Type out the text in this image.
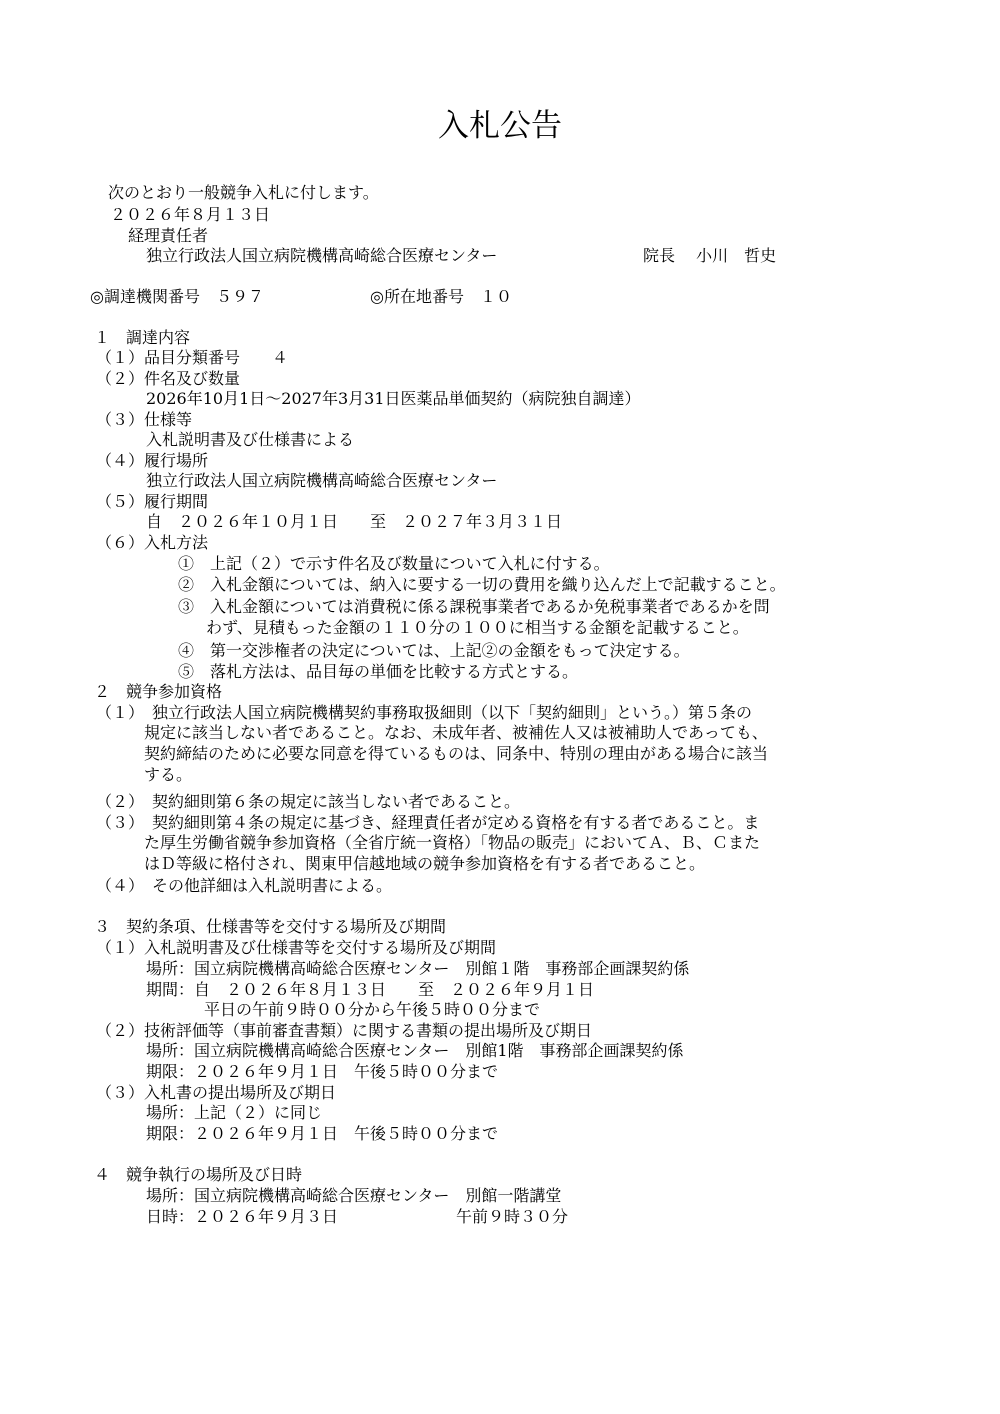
入札公告

次のとおり一般競争入札に付します。

２０２６年８月１３日

経理責任者

独立行政法人国立病院機構高崎総合医療センター	院長　 小川　哲史

◎調達機関番号　５９７	◎所在地番号　１０

１　調達内容

（１）品目分類番号　　４

（２）件名及び数量

2026年10月1日～2027年3月31日医薬品単価契約（病院独自調達）

（３）仕様等

入札説明書及び仕様書による

（４）履行場所

独立行政法人国立病院機構高崎総合医療センター

（５）履行期間

自　２０２６年１０月１日　　至　２０２７年３月３１日

（６）入札方法

①　上記（２）で示す件名及び数量について入札に付する。

②　入札金額については、納入に要する一切の費用を織り込んだ上で記載すること。

③　入札金額については消費税に係る課税事業者であるか免税事業者であるかを問

わず、見積もった金額の１１０分の１００に相当する金額を記載すること。

④　第一交渉権者の決定については、上記②の金額をもって決定する。

⑤　落札方法は、品目毎の単価を比較する方式とする。

２　競争参加資格

（１）　独立行政法人国立病院機構契約事務取扱細則（以下「契約細則」という。）第５条の

規定に該当しない者であること。なお、未成年者、被補佐人又は被補助人であっても、

契約締結のために必要な同意を得ているものは、同条中、特別の理由がある場合に該当

する。

（２）　契約細則第６条の規定に該当しない者であること。

（３）　契約細則第４条の規定に基づき、経理責任者が定める資格を有する者であること。ま

た厚生労働省競争参加資格（全省庁統一資格）「物品の販売」においてＡ、Ｂ、Ｃまた

はＤ等級に格付され、関東甲信越地域の競争参加資格を有する者であること。

（４）　その他詳細は入札説明書による。

３　契約条項、仕様書等を交付する場所及び期間

（１）入札説明書及び仕様書等を交付する場所及び期間

場所：国立病院機構高崎総合医療センター　別館１階　事務部企画課契約係

期間：自　２０２６年８月１３日　　至　２０２６年９月１日

平日の午前９時００分から午後５時００分まで

（２）技術評価等（事前審査書類）に関する書類の提出場所及び期日

場所：国立病院機構高崎総合医療センター　別館1階　事務部企画課契約係

期限：２０２６年９月１日　午後５時００分まで

（３）入札書の提出場所及び期日

場所：上記（２）に同じ

期限：２０２６年９月１日　午後５時００分まで

４　競争執行の場所及び日時

場所：国立病院機構高崎総合医療センター　別館一階講堂

日時：２０２６年９月３日	午前９時３０分
